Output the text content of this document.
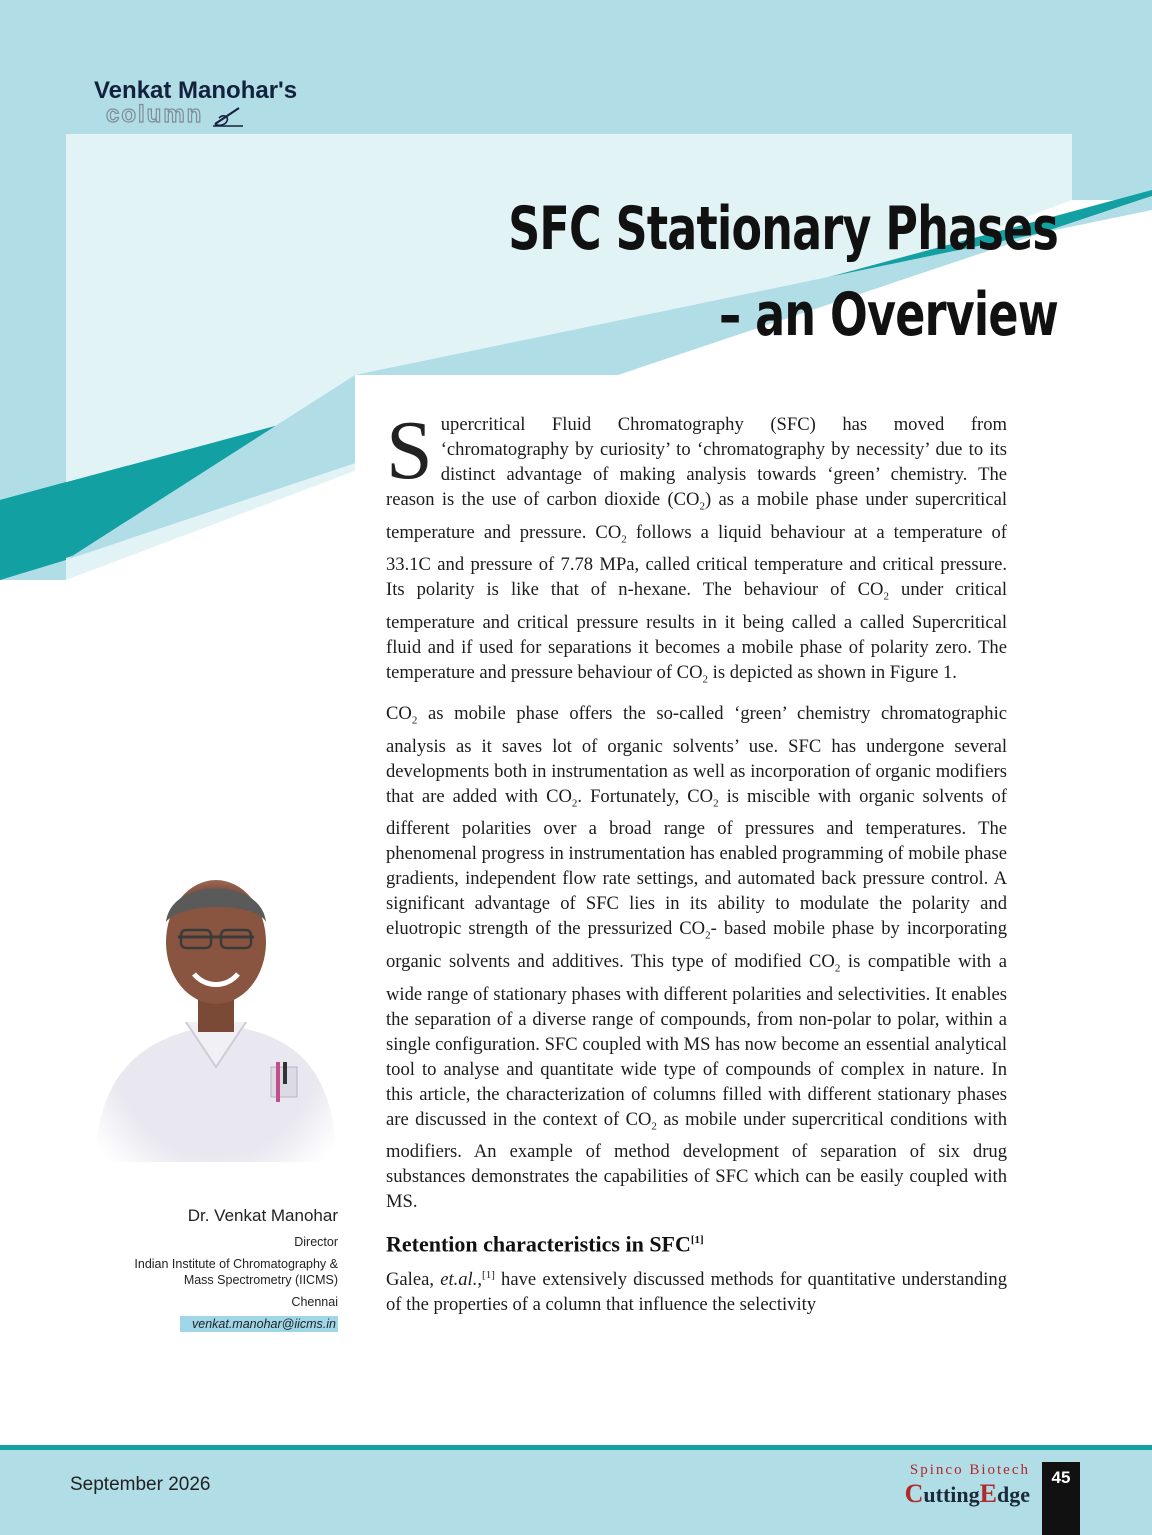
Venkat Manohar's
column
SFC Stationary Phases
– an Overview

Supercritical Fluid Chromatography (SFC) has moved from ‘chromatography by curiosity’ to ‘chromatography by necessity’ due to its distinct advantage of making analysis towards ‘green’ chemistry. The reason is the use of carbon dioxide $(CO_2)$ as a mobile phase under supercritical temperature and pressure. $CO_2$ follows a liquid behaviour at a temperature of 33.1C and pressure of 7.78 MPa, called critical temperature and critical pressure. Its polarity is like that of n-hexane. The behaviour of $CO_2$ under critical temperature and critical pressure results in it being called a called Supercritical fluid and if used for separations it becomes a mobile phase of polarity zero. The temperature and pressure behaviour of $CO_2$ is depicted as shown in Figure 1.

$CO_2$ as mobile phase offers the so-called ‘green’ chemistry chromatographic analysis as it saves lot of organic solvents’ use. SFC has undergone several developments both in instrumentation as well as incorporation of organic modifiers that are added with $CO_2$. Fortunately, $CO_2$ is miscible with organic solvents of different polarities over a broad range of pressures and temperatures. The phenomenal progress in instrumentation has enabled programming of mobile phase gradients, independent flow rate settings, and automated back pressure control. A significant advantage of SFC lies in its ability to modulate the polarity and eluotropic strength of the pressurized $CO_2-$ based mobile phase by incorporating organic solvents and additives. This type of modified $CO_2$ is compatible with a wide range of stationary phases with different polarities and selectivities. It enables the separation of a diverse range of compounds, from non-polar to polar, within a single configuration. SFC coupled with MS has now become an essential analytical tool to analyse and quantitate wide type of compounds of complex in nature. In this article, the characterization of columns filled with different stationary phases are discussed in the context of $CO_2$ as mobile under supercritical conditions with modifiers. An example of method development of separation of six drug substances demonstrates the capabilities of SFC which can be easily coupled with MS.

Retention characteristics in SFC[1]

Galea, et.al.,[1] have extensively discussed methods for quantitative understanding of the properties of a column that influence the selectivity

Dr. Venkat Manohar
Director
Indian Institute of Chromatography & Mass Spectrometry (IICMS)
Chennai
venkat.manohar@iicms.in
September 2026
Spinco Biotech
CuttingEdge
45
